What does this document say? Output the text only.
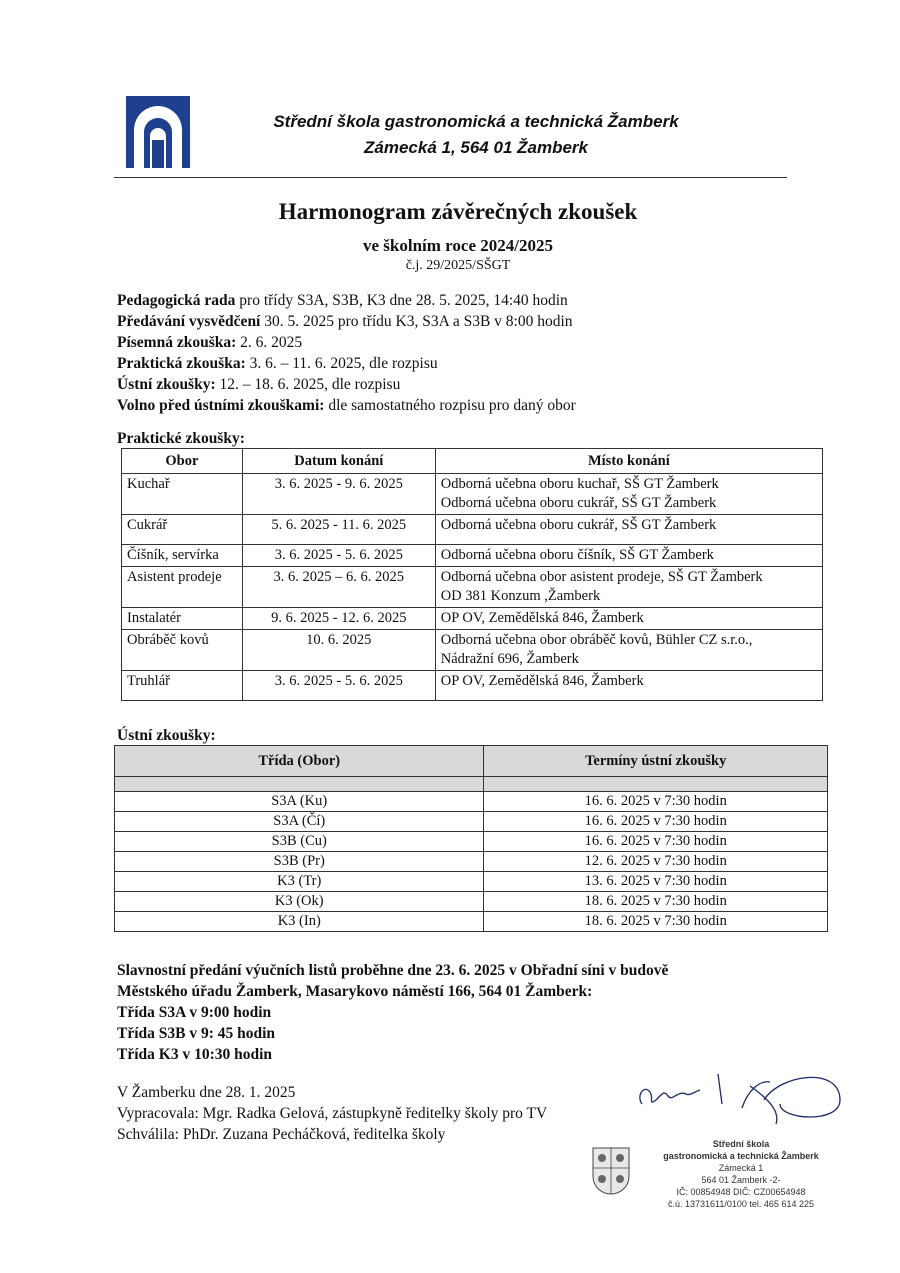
Střední škola gastronomická a technická Žamberk
Zámecká 1, 564 01 Žamberk
Harmonogram závěrečných zkoušek
ve školním roce 2024/2025
č.j. 29/2025/SŠGT
Pedagogická rada pro třídy S3A, S3B, K3 dne 28. 5. 2025, 14:40 hodin
Předávání vysvědčení 30. 5. 2025 pro třídu K3, S3A a S3B v 8:00 hodin
Písemná zkouška: 2. 6. 2025
Praktická zkouška: 3. 6. – 11. 6. 2025, dle rozpisu
Ústní zkoušky: 12. – 18. 6. 2025, dle rozpisu
Volno před ústními zkouškami: dle samostatného rozpisu pro daný obor
Praktické zkoušky:
Obor	Datum konání	Místo konání
Kuchař	3. 6. 2025 - 9. 6. 2025	Odborná učebna oboru kuchař, SŠ GT Žamberk
Odborná učebna oboru cukrář, SŠ GT Žamberk

Cukrář	5. 6. 2025 - 11. 6. 2025	Odborná učebna oboru cukrář, SŠ GT Žamberk

Číšník, servírka	3. 6. 2025 - 5. 6. 2025	Odborná učebna oboru číšník, SŠ GT Žamberk

Asistent prodeje	3. 6. 2025 – 6. 6. 2025	Odborná učebna obor asistent prodeje, SŠ GT Žamberk
OD 381 Konzum ,Žamberk

Instalatér	9. 6. 2025 - 12. 6. 2025	OP OV, Zemědělská 846, Žamberk

Obráběč kovů	10. 6. 2025	Odborná učebna obor obráběč kovů, Bühler CZ s.r.o.,
Nádražní 696, Žamberk

Truhlář	3. 6. 2025 - 5. 6. 2025	OP OV, Zemědělská 846, Žamberk
Ústní zkoušky:
Třída (Obor)	Termíny ústní zkoušky

S3A (Ku)	16. 6. 2025 v 7:30 hodin
S3A (Čí)	16. 6. 2025 v 7:30 hodin
S3B (Cu)	16. 6. 2025 v 7:30 hodin
S3B (Pr)	12. 6. 2025 v 7:30 hodin
K3 (Tr)	13. 6. 2025 v 7:30 hodin
K3 (Ok)	18. 6. 2025 v 7:30 hodin
K3 (In)	18. 6. 2025 v 7:30 hodin
Slavnostní předání výučních listů proběhne dne 23. 6. 2025 v Obřadní síni v budově
Městského úřadu Žamberk, Masarykovo náměstí 166, 564 01 Žamberk:
Třída S3A v 9:00 hodin
Třída S3B v 9: 45 hodin
Třída K3 v 10:30 hodin
V Žamberku dne 28. 1. 2025
Vypracovala: Mgr. Radka Gelová, zástupkyně ředitelky školy pro TV
Schválila: PhDr. Zuzana Pecháčková, ředitelka školy
Střední škola
gastronomická a technická Žamberk
Zámecká 1
564 01 Žamberk -2-
IČ: 00854948 DIČ: CZ00654948
č.ú. 13731611/0100 tel. 465 614 225
